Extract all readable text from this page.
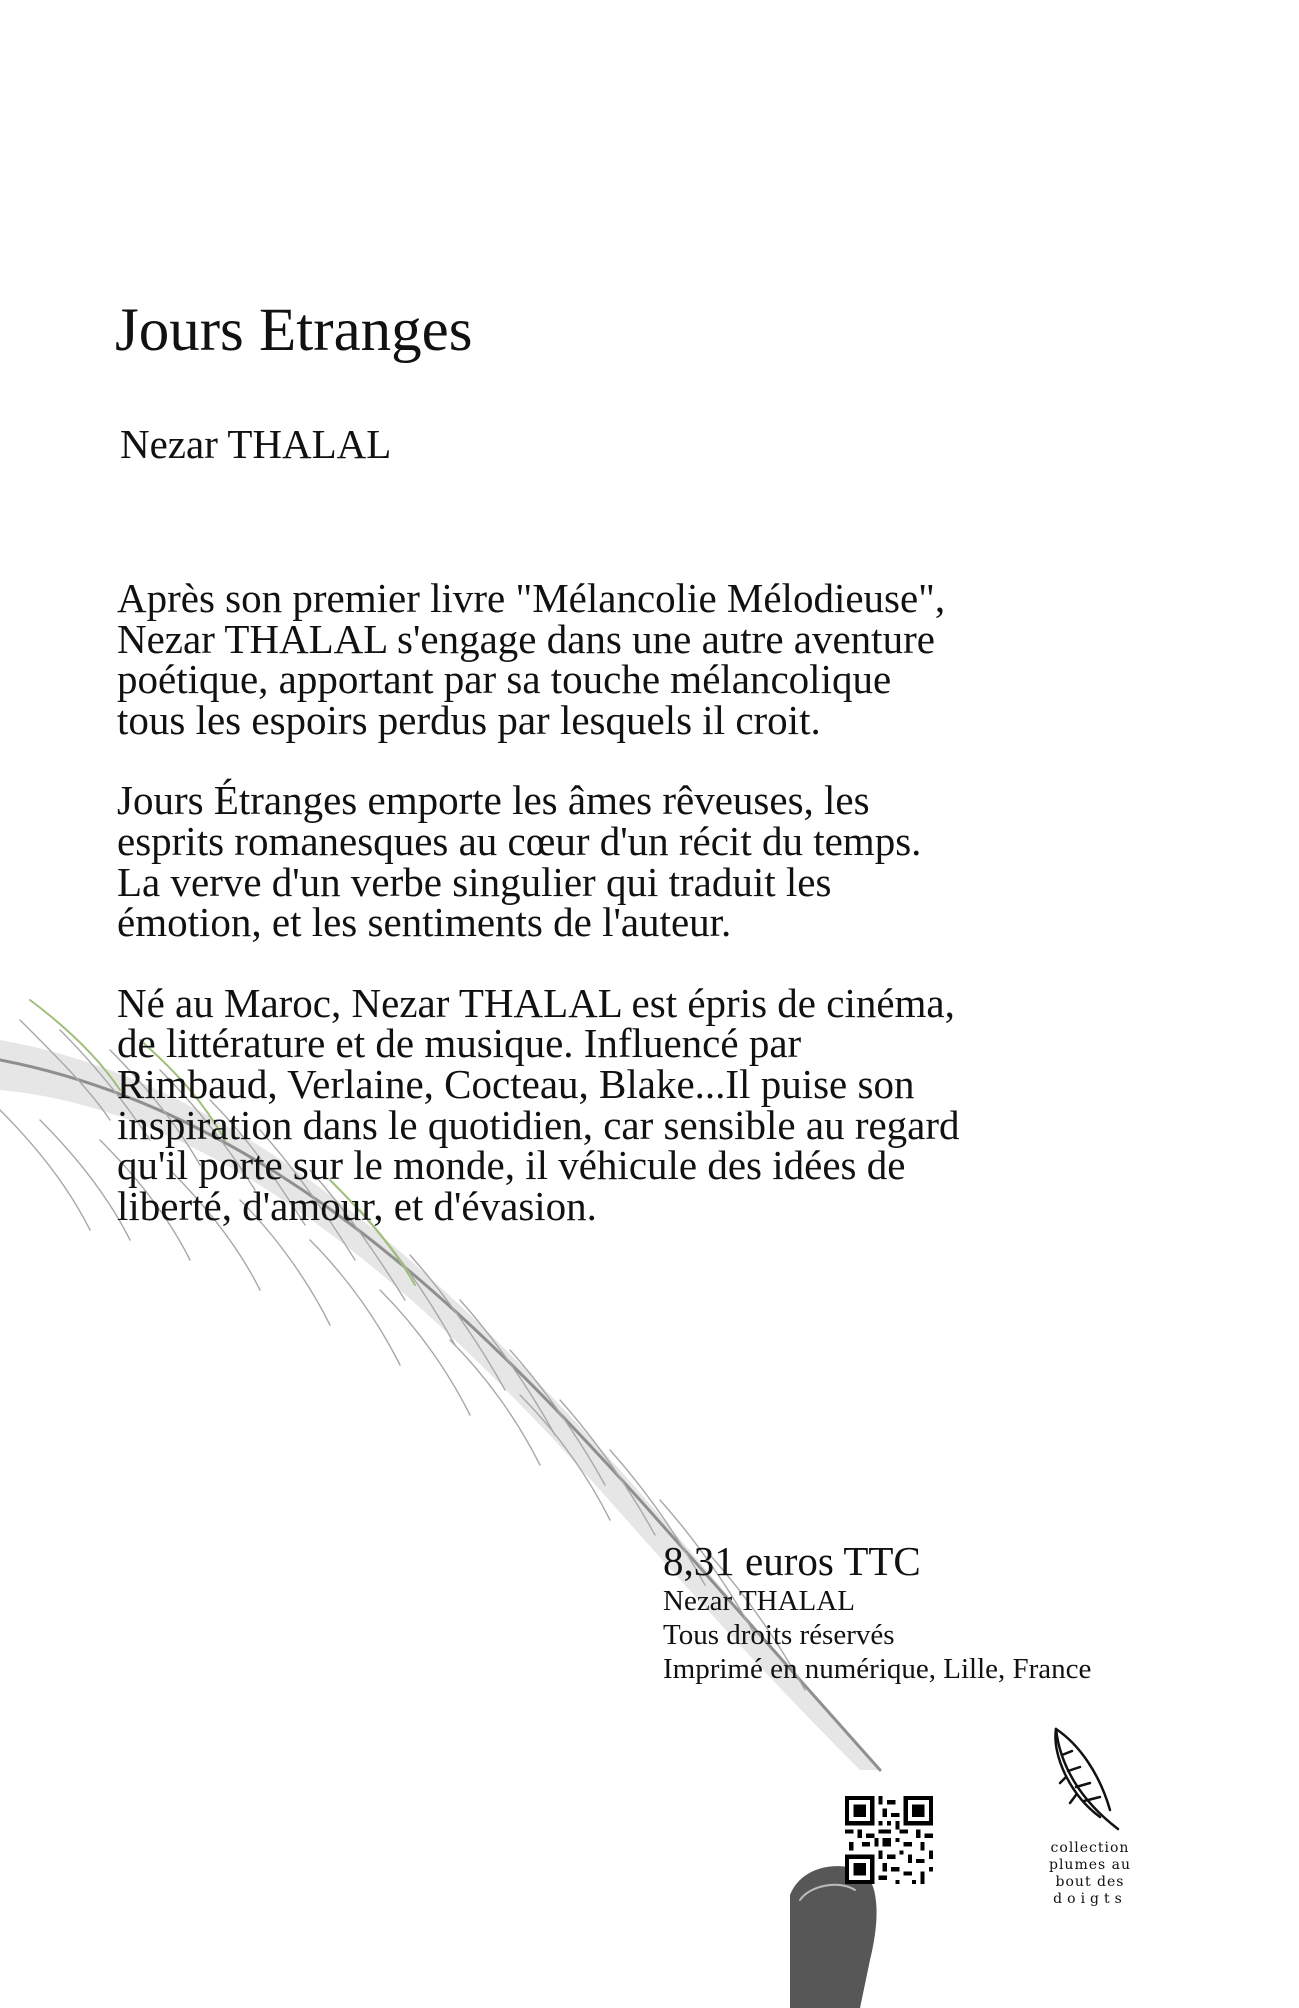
Jours Etranges
Nezar THALAL

Après son premier livre "Mélancolie Mélodieuse", Nezar THALAL s'engage dans une autre aventure poétique, apportant par sa touche mélancolique tous les espoirs perdus par lesquels il croit.

Jours Étranges emporte les âmes rêveuses, les esprits romanesques au cœur d'un récit du temps. La verve d'un verbe singulier qui traduit les émotion, et les sentiments de l'auteur.

Né au Maroc, Nezar THALAL est épris de cinéma, de littérature et de musique. Influencé par Rimbaud, Verlaine, Cocteau, Blake...Il puise son inspiration dans le quotidien, car sensible au regard qu'il porte sur le monde, il véhicule des idées de liberté, d'amour, et d'évasion.

8,31 euros TTC
Nezar THALAL
Tous droits réservés
Imprimé en numérique, Lille, France
collection
plumes au
bout des
doigts
